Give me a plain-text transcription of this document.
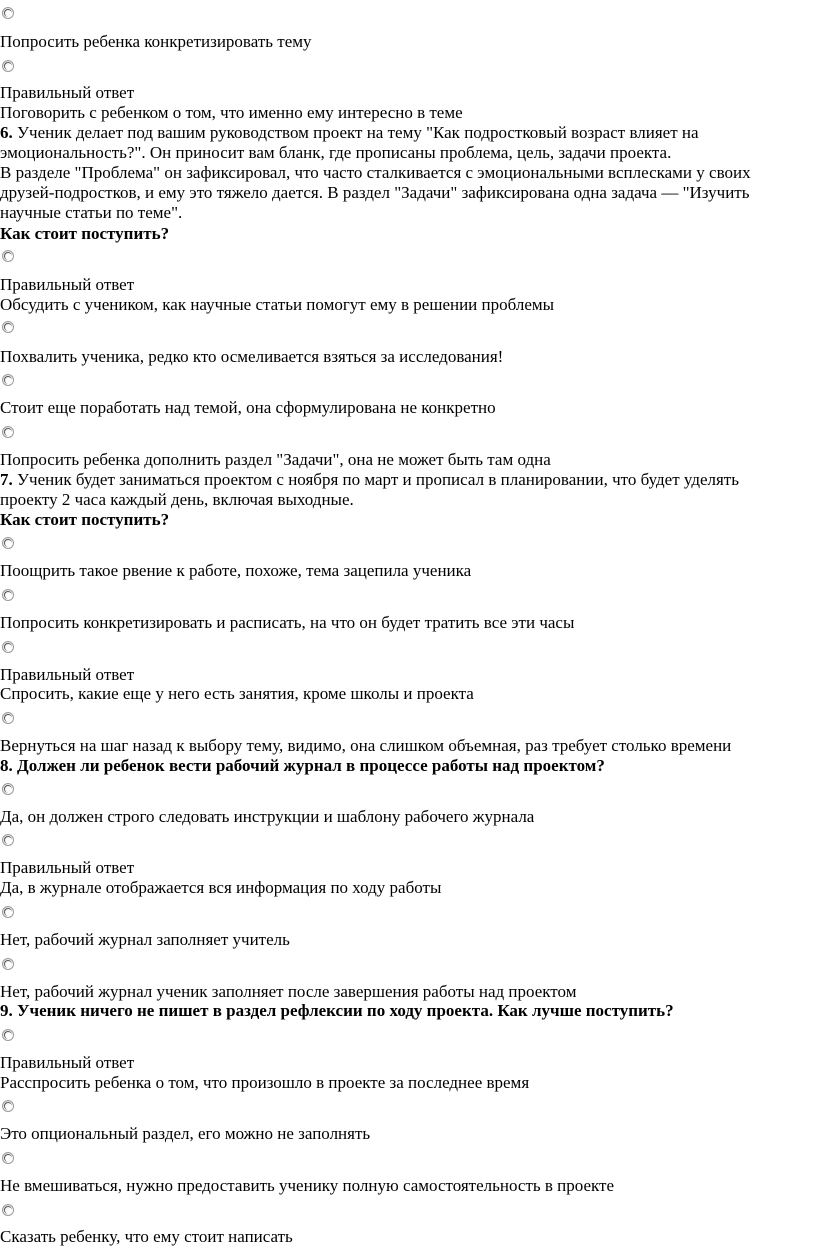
Попросить ребенка конкретизировать тему
Правильный ответ
Поговорить с ребенком о том, что именно ему интересно в теме
6. Ученик делает под вашим руководством проект на тему "Как подростковый возраст влияет на
эмоциональность?". Он приносит вам бланк, где прописаны проблема, цель, задачи проекта.
В разделе "Проблема" он зафиксировал, что часто сталкивается с эмоциональными всплесками у своих
друзей-подростков, и ему это тяжело дается. В раздел "Задачи" зафиксирована одна задача — "Изучить
научные статьи по теме".
Как стоит поступить?
Правильный ответ
Обсудить с учеником, как научные статьи помогут ему в решении проблемы
Похвалить ученика, редко кто осмеливается взяться за исследования!
Стоит еще поработать над темой, она сформулирована не конкретно
Попросить ребенка дополнить раздел "Задачи", она не может быть там одна
7. Ученик будет заниматься проектом с ноября по март и прописал в планировании, что будет уделять
проекту 2 часа каждый день, включая выходные.
Как стоит поступить?
Поощрить такое рвение к работе, похоже, тема зацепила ученика
Попросить конкретизировать и расписать, на что он будет тратить все эти часы
Правильный ответ
Спросить, какие еще у него есть занятия, кроме школы и проекта
Вернуться на шаг назад к выбору тему, видимо, она слишком объемная, раз требует столько времени
8. Должен ли ребенок вести рабочий журнал в процессе работы над проектом?
Да, он должен строго следовать инструкции и шаблону рабочего журнала
Правильный ответ
Да, в журнале отображается вся информация по ходу работы
Нет, рабочий журнал заполняет учитель
Нет, рабочий журнал ученик заполняет после завершения работы над проектом
9. Ученик ничего не пишет в раздел рефлексии по ходу проекта. Как лучше поступить?
Правильный ответ
Расспросить ребенка о том, что произошло в проекте за последнее время
Это опциональный раздел, его можно не заполнять
Не вмешиваться, нужно предоставить ученику полную самостоятельность в проекте
Сказать ребенку, что ему стоит написать
